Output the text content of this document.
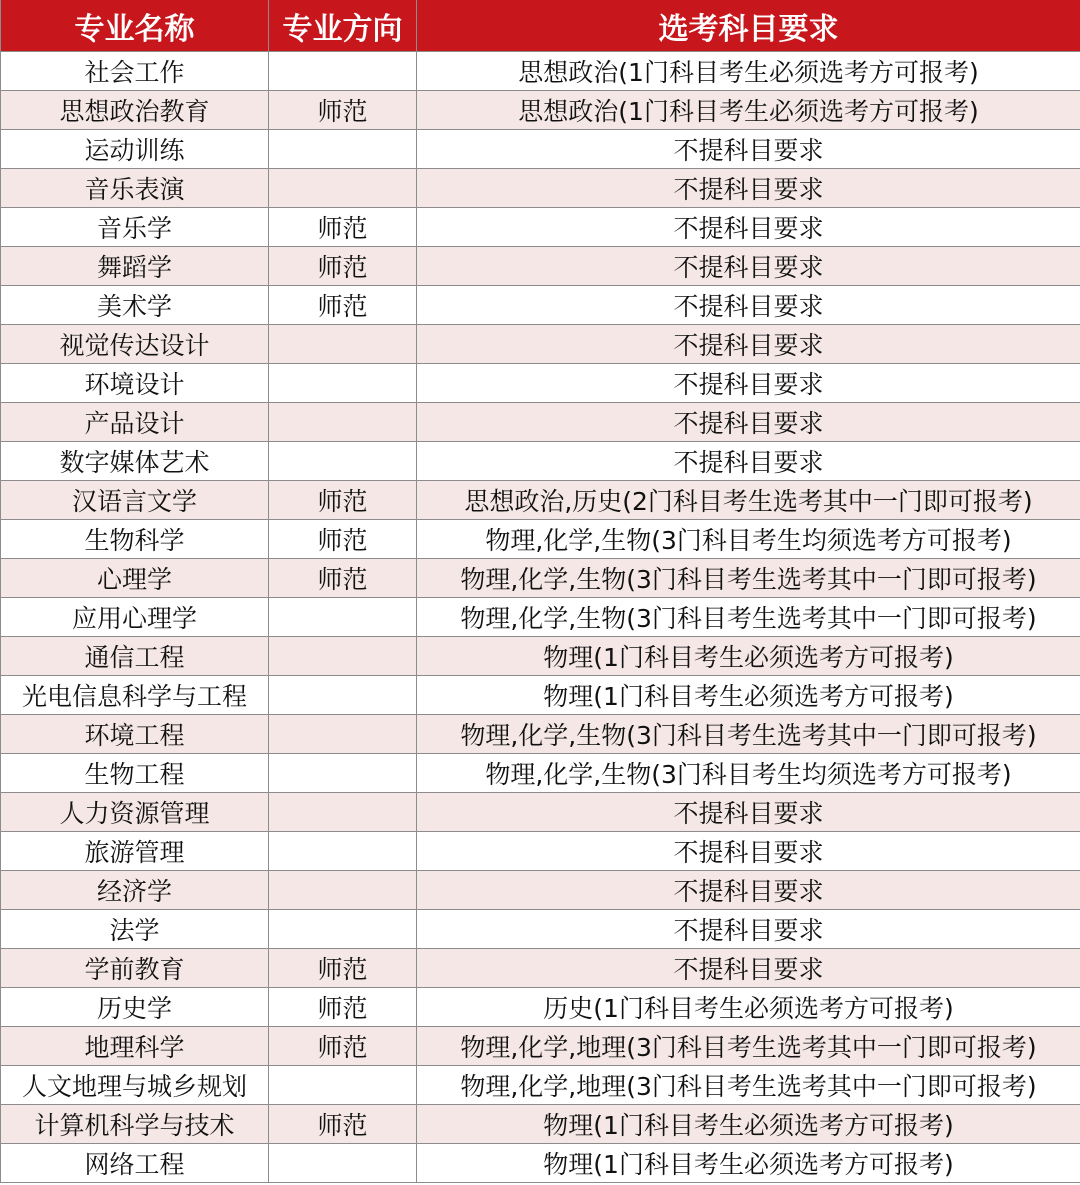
专业名称	专业方向	选考科目要求
社会工作		思想政治(1门科目考生必须选考方可报考)
思想政治教育	师范	思想政治(1门科目考生必须选考方可报考)
运动训练		不提科目要求
音乐表演		不提科目要求
音乐学	师范	不提科目要求
舞蹈学	师范	不提科目要求
美术学	师范	不提科目要求
视觉传达设计		不提科目要求
环境设计		不提科目要求
产品设计		不提科目要求
数字媒体艺术		不提科目要求
汉语言文学	师范	思想政治,历史(2门科目考生选考其中一门即可报考)
生物科学	师范	物理,化学,生物(3门科目考生均须选考方可报考)
心理学	师范	物理,化学,生物(3门科目考生选考其中一门即可报考)
应用心理学		物理,化学,生物(3门科目考生选考其中一门即可报考)
通信工程		物理(1门科目考生必须选考方可报考)
光电信息科学与工程		物理(1门科目考生必须选考方可报考)
环境工程		物理,化学,生物(3门科目考生选考其中一门即可报考)
生物工程		物理,化学,生物(3门科目考生均须选考方可报考)
人力资源管理		不提科目要求
旅游管理		不提科目要求
经济学		不提科目要求
法学		不提科目要求
学前教育	师范	不提科目要求
历史学	师范	历史(1门科目考生必须选考方可报考)
地理科学	师范	物理,化学,地理(3门科目考生选考其中一门即可报考)
人文地理与城乡规划		物理,化学,地理(3门科目考生选考其中一门即可报考)
计算机科学与技术	师范	物理(1门科目考生必须选考方可报考)
网络工程		物理(1门科目考生必须选考方可报考)
